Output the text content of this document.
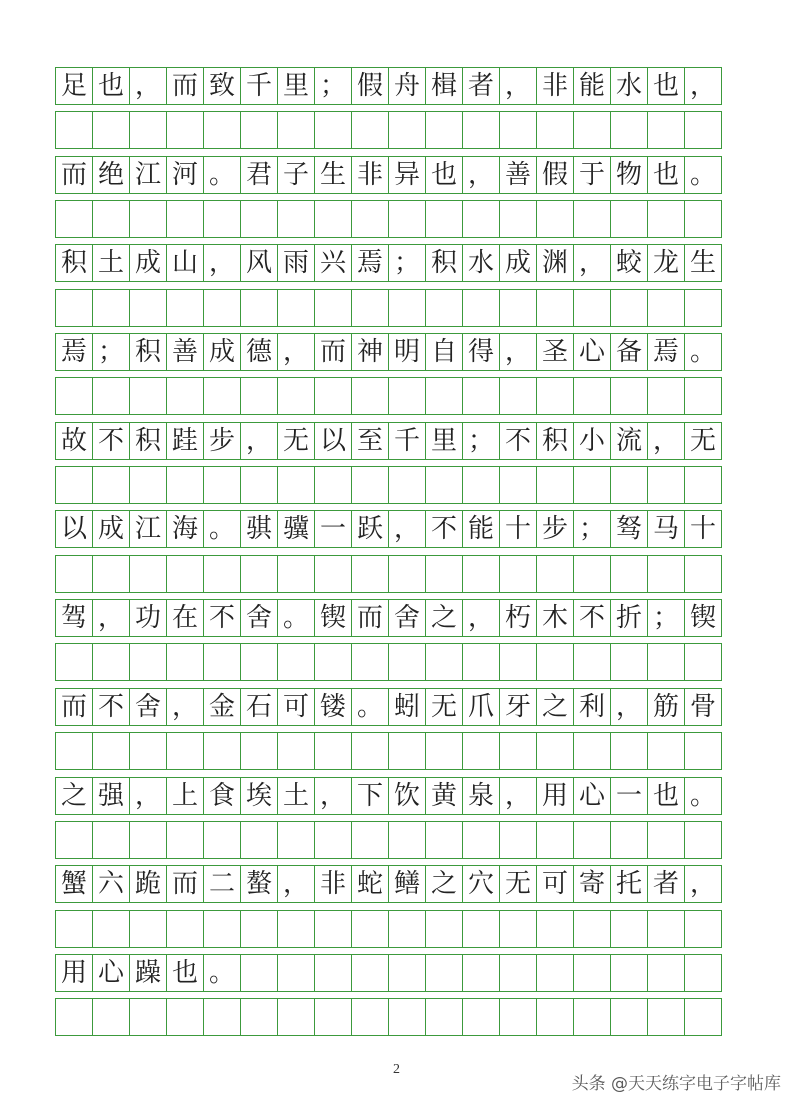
足 也 ， 而 致 千 里 ； 假 舟 楫 者 ， 非 能 水 也 ，
而 绝 江 河 。 君 子 生 非 异 也 ， 善 假 于 物 也 。
积 土 成 山 ， 风 雨 兴 焉 ； 积 水 成 渊 ， 蛟 龙 生
焉 ； 积 善 成 德 ， 而 神 明 自 得 ， 圣 心 备 焉 。
故 不 积 跬 步 ， 无 以 至 千 里 ； 不 积 小 流 ， 无
以 成 江 海 。 骐 骥 一 跃 ， 不 能 十 步 ； 驽 马 十
驾 ， 功 在 不 舍 。 锲 而 舍 之 ， 朽 木 不 折 ； 锲
而 不 舍 ， 金 石 可 镂 。 蚓 无 爪 牙 之 利 ， 筋 骨
之 强 ， 上 食 埃 土 ， 下 饮 黄 泉 ， 用 心 一 也 。
蟹 六 跪 而 二 螯 ， 非 蛇 鳝 之 穴 无 可 寄 托 者 ，
用 心 躁 也 。
2
头条 @天天练字电子字帖库
